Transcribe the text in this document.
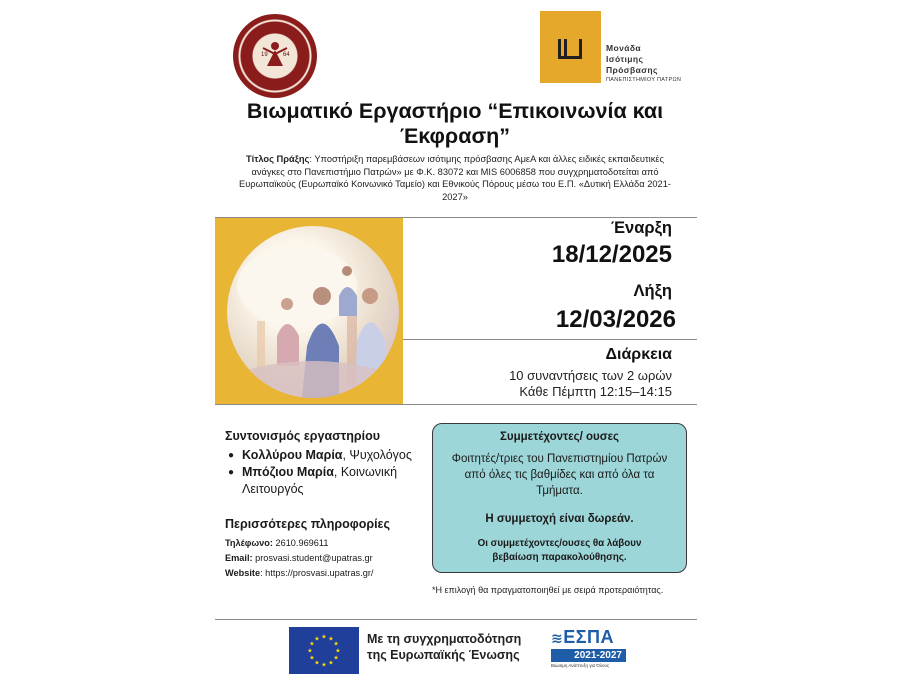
19	64
Μονάδα
Ισότιμης
Πρόσβασης
ΠΑΝΕΠΙΣΤΗΜΙΟΥ ΠΑΤΡΩΝ
Βιωματικό Εργαστήριο “Επικοινωνία και
Έκφραση”
Τίτλος Πράξης: Υποστήριξη παρεμβάσεων ισότιμης πρόσβασης ΑμεΑ και άλλες ειδικές εκπαιδευτικές ανάγκες στο Πανεπιστήμιο Πατρών» με Φ.Κ. 83072 και MIS 6006858 που συγχρηματοδοτείται από Ευρωπαϊκούς (Ευρωπαϊκό Κοινωνικό Ταμείο) και Εθνικούς Πόρους μέσω του Ε.Π. «Δυτική Ελλάδα 2021-2027»
Έναρξη
18/12/2025
Λήξη
12/03/2026
Διάρκεια
10 συναντήσεις των 2 ωρών
Κάθε Πέμπτη 12:15–14:15
Συντονισμός εργαστηρίου
● Κολλύρου Μαρία, Ψυχολόγος
● Μπόζιου Μαρία, Κοινωνική Λειτουργός
Περισσότερες πληροφορίες
Τηλέφωνο: 2610.969611
Email: prosvasi.student@upatras.gr
Website: https://prosvasi.upatras.gr/
Συμμετέχοντες/ ουσες
Φοιτητές/τριες του Πανεπιστημίου Πατρών από όλες τις βαθμίδες και από όλα τα Τμήματα.
Η συμμετοχή είναι δωρεάν.
Οι συμμετέχοντες/ουσες θα λάβουν
βεβαίωση παρακολούθησης.
*Η επιλογή θα πραγματοποιηθεί με σειρά προτεραιότητας.
★ ★
★
★
★
★
★
★
★
★
★
★	Με τη συγχρηματοδότηση
της Ευρωπαϊκής Ένωσης
≋ΕΣΠΑ
2021-2027
Βιώσιμη Ανάπτυξη για Όλους
